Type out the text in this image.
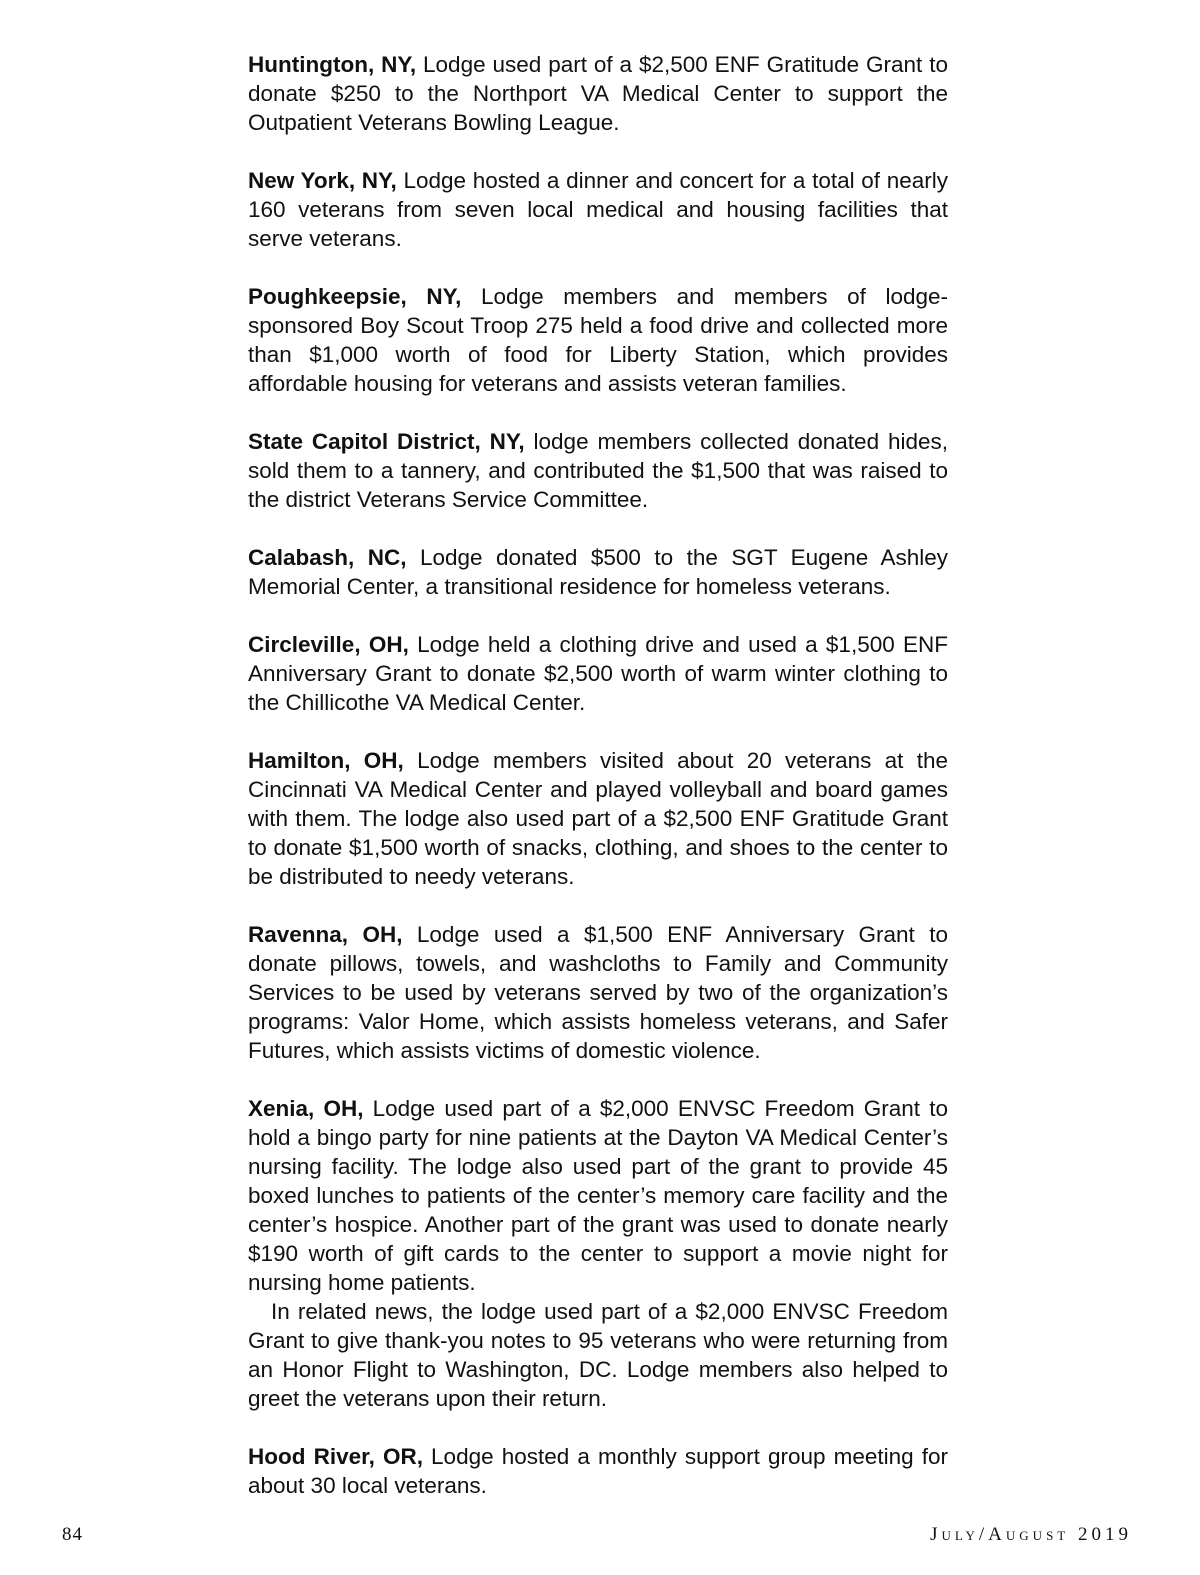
Huntington, NY, Lodge used part of a $2,500 ENF Gratitude Grant to donate $250 to the Northport VA Medical Center to support the Outpatient Veterans Bowling League.

New York, NY, Lodge hosted a dinner and concert for a total of nearly 160 veterans from seven local medical and housing facilities that serve veterans.

Poughkeepsie, NY, Lodge members and members of lodge-sponsored Boy Scout Troop 275 held a food drive and collected more than $1,000 worth of food for Liberty Station, which provides affordable housing for veterans and assists veteran families.

State Capitol District, NY, lodge members collected donated hides, sold them to a tannery, and contributed the $1,500 that was raised to the district Veterans Service Committee.

Calabash, NC, Lodge donated $500 to the SGT Eugene Ashley Memorial Center, a transitional residence for homeless veterans.

Circleville, OH, Lodge held a clothing drive and used a $1,500 ENF Anniversary Grant to donate $2,500 worth of warm winter clothing to the Chillicothe VA Medical Center.

Hamilton, OH, Lodge members visited about 20 veterans at the Cincinnati VA Medical Center and played volleyball and board games with them. The lodge also used part of a $2,500 ENF Gratitude Grant to donate $1,500 worth of snacks, clothing, and shoes to the center to be distributed to needy veterans.

Ravenna, OH, Lodge used a $1,500 ENF Anniversary Grant to donate pillows, towels, and washcloths to Family and Community Services to be used by veterans served by two of the organization’s programs: Valor Home, which assists homeless veterans, and Safer Futures, which assists victims of domestic violence.

Xenia, OH, Lodge used part of a $2,000 ENVSC Freedom Grant to hold a bingo party for nine patients at the Dayton VA Medical Center’s nursing facility. The lodge also used part of the grant to provide 45 boxed lunches to patients of the center’s memory care facility and the center’s hospice. Another part of the grant was used to donate nearly $190 worth of gift cards to the center to support a movie night for nursing home patients.

In related news, the lodge used part of a $2,000 ENVSC Freedom Grant to give thank-you notes to 95 veterans who were returning from an Honor Flight to Washington, DC. Lodge members also helped to greet the veterans upon their return.

Hood River, OR, Lodge hosted a monthly support group meeting for about 30 local veterans.

84	July/August 2019
